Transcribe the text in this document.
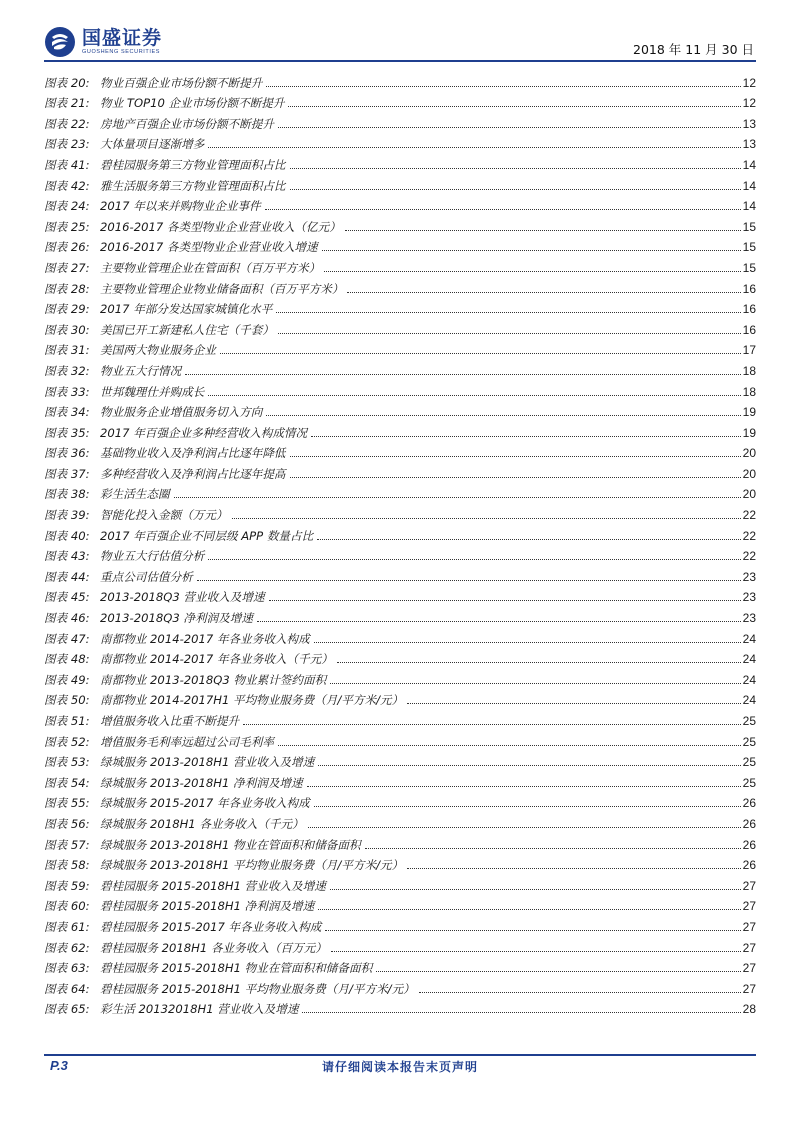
国盛证券
GUOSHENG SECURITIES	2018 年 11 月 30 日
图表 20: 物业百强企业市场份额不断提升	12
图表 21: 物业 TOP10 企业市场份额不断提升	12
图表 22: 房地产百强企业市场份额不断提升	13
图表 23: 大体量项目逐渐增多	13
图表 41: 碧桂园服务第三方物业管理面积占比	14
图表 42: 雅生活服务第三方物业管理面积占比	14
图表 24: 2017 年以来并购物业企业事件	14
图表 25: 2016-2017 各类型物业企业营业收入（亿元）	15
图表 26: 2016-2017 各类型物业企业营业收入增速	15
图表 27: 主要物业管理企业在管面积（百万平方米）	15
图表 28: 主要物业管理企业物业储备面积（百万平方米）	16
图表 29: 2017 年部分发达国家城镇化水平	16
图表 30: 美国已开工新建私人住宅（千套）	16
图表 31: 美国两大物业服务企业	17
图表 32: 物业五大行情况	18
图表 33: 世邦魏理仕并购成长	18
图表 34: 物业服务企业增值服务切入方向	19
图表 35: 2017 年百强企业多种经营收入构成情况	19
图表 36: 基础物业收入及净利润占比逐年降低	20
图表 37: 多种经营收入及净利润占比逐年提高	20
图表 38: 彩生活生态圈	20
图表 39: 智能化投入金额（万元）	22
图表 40: 2017 年百强企业不同层级 APP 数量占比	22
图表 43: 物业五大行估值分析	22
图表 44: 重点公司估值分析	23
图表 45: 2013-2018Q3 营业收入及增速	23
图表 46: 2013-2018Q3 净利润及增速	23
图表 47: 南都物业 2014-2017 年各业务收入构成	24
图表 48: 南都物业 2014-2017 年各业务收入（千元）	24
图表 49: 南都物业 2013-2018Q3 物业累计签约面积	24
图表 50: 南都物业 2014-2017H1 平均物业服务费（月/平方米/元）	24
图表 51: 增值服务收入比重不断提升	25
图表 52: 增值服务毛利率远超过公司毛利率	25
图表 53: 绿城服务 2013-2018H1 营业收入及增速	25
图表 54: 绿城服务 2013-2018H1 净利润及增速	25
图表 55: 绿城服务 2015-2017 年各业务收入构成	26
图表 56: 绿城服务 2018H1 各业务收入（千元）	26
图表 57: 绿城服务 2013-2018H1 物业在管面积和储备面积	26
图表 58: 绿城服务 2013-2018H1 平均物业服务费（月/平方米/元）	26
图表 59: 碧桂园服务 2015-2018H1 营业收入及增速	27
图表 60: 碧桂园服务 2015-2018H1 净利润及增速	27
图表 61: 碧桂园服务 2015-2017 年各业务收入构成	27
图表 62: 碧桂园服务 2018H1 各业务收入（百万元）	27
图表 63: 碧桂园服务 2015-2018H1 物业在管面积和储备面积	27
图表 64: 碧桂园服务 2015-2018H1 平均物业服务费（月/平方米/元）	27
图表 65: 彩生活 20132018H1 营业收入及增速	28
P.3	请仔细阅读本报告末页声明
